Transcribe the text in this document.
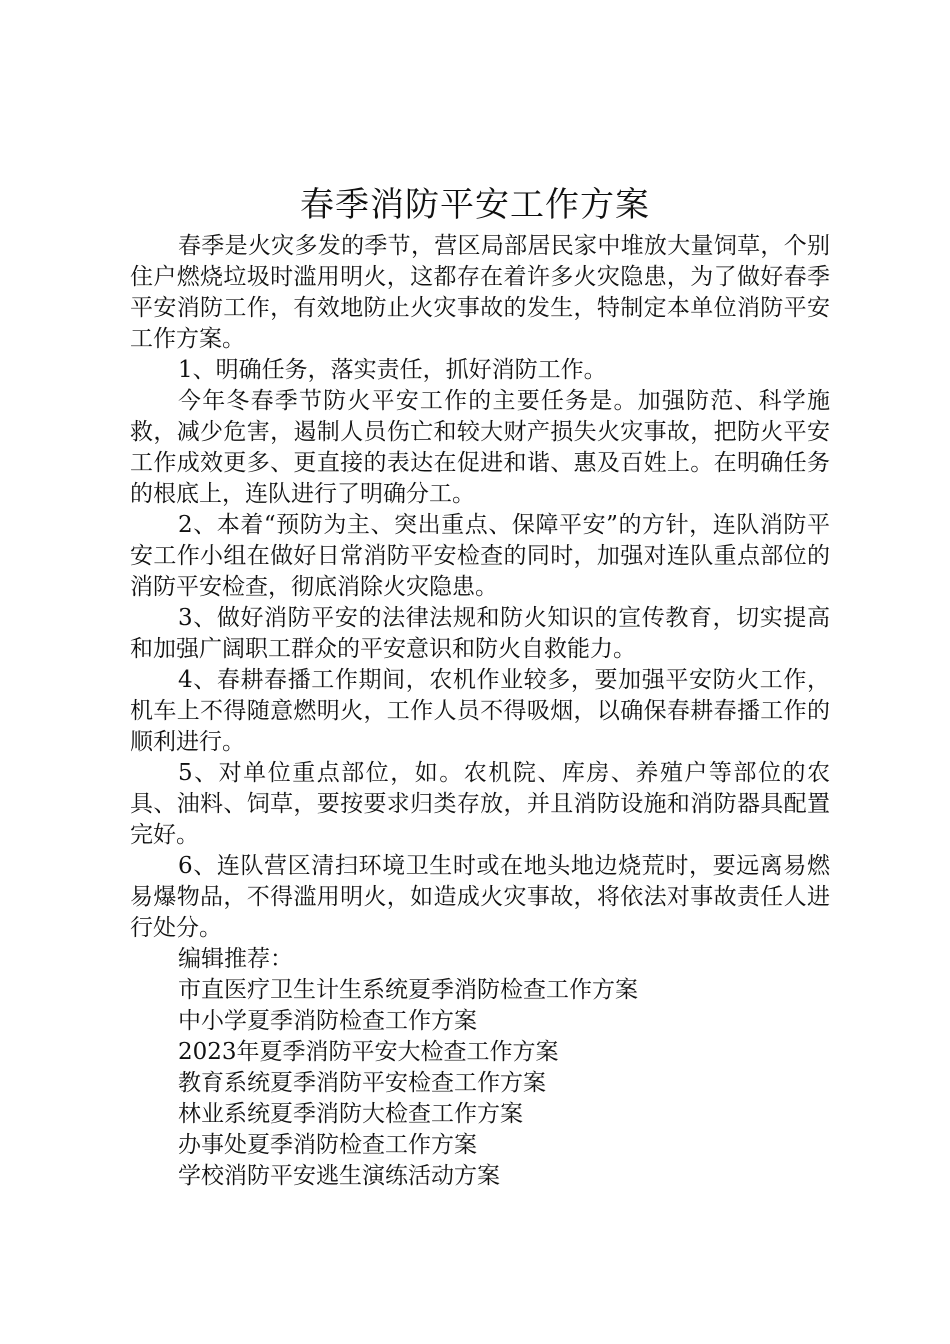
春季消防平安工作方案

春季是火灾多发的季节，营区局部居民家中堆放大量饲草，个别住户燃烧垃圾时滥用明火，这都存在着许多火灾隐患，为了做好春季平安消防工作，有效地防止火灾事故的发生，特制定本单位消防平安工作方案。

1、明确任务，落实责任，抓好消防工作。

今年冬春季节防火平安工作的主要任务是。加强防范、科学施救，减少危害，遏制人员伤亡和较大财产损失火灾事故，把防火平安工作成效更多、更直接的表达在促进和谐、惠及百姓上。在明确任务的根底上，连队进行了明确分工。

2、本着“预防为主、突出重点、保障平安”的方针，连队消防平安工作小组在做好日常消防平安检查的同时，加强对连队重点部位的消防平安检查，彻底消除火灾隐患。

3、做好消防平安的法律法规和防火知识的宣传教育，切实提高和加强广阔职工群众的平安意识和防火自救能力。

4、春耕春播工作期间，农机作业较多，要加强平安防火工作，机车上不得随意燃明火，工作人员不得吸烟，以确保春耕春播工作的顺利进行。

5、对单位重点部位，如。农机院、库房、养殖户等部位的农具、油料、饲草，要按要求归类存放，并且消防设施和消防器具配置完好。

6、连队营区清扫环境卫生时或在地头地边烧荒时，要远离易燃易爆物品，不得滥用明火，如造成火灾事故，将依法对事故责任人进行处分。

编辑推荐：

市直医疗卫生计生系统夏季消防检查工作方案
中小学夏季消防检查工作方案
2023年夏季消防平安大检查工作方案
教育系统夏季消防平安检查工作方案
林业系统夏季消防大检查工作方案
办事处夏季消防检查工作方案
学校消防平安逃生演练活动方案
